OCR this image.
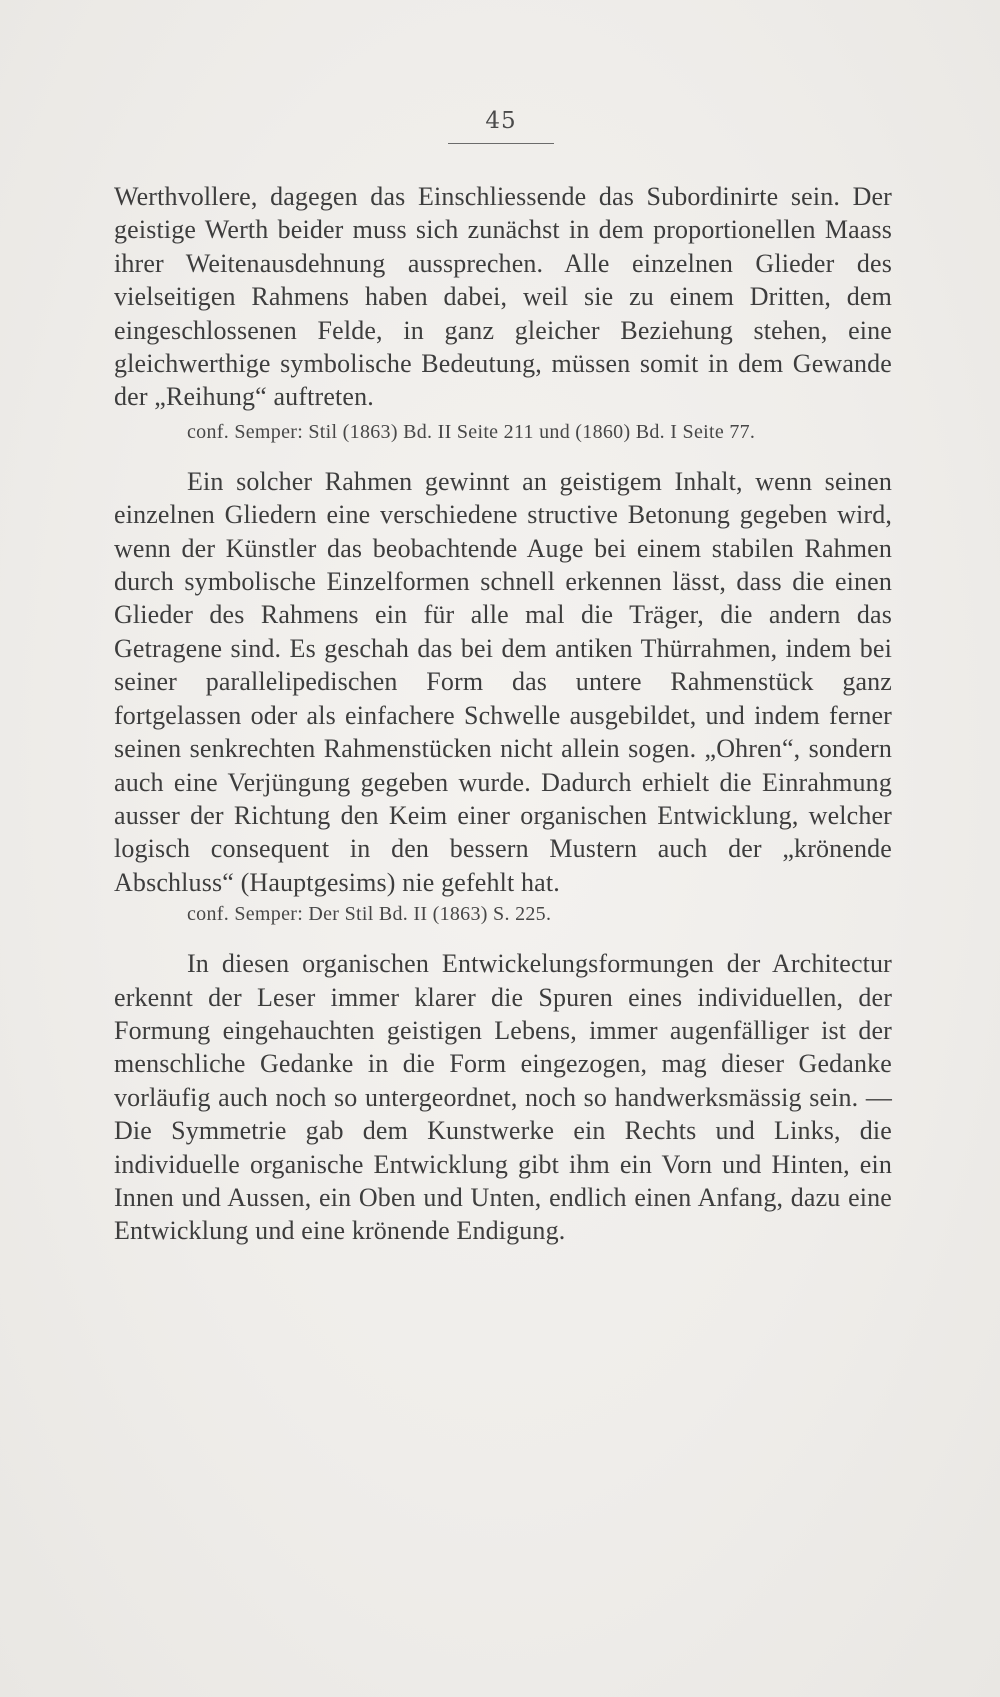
45

Werthvollere, dagegen das Einschliessende das Subordinirte sein. Der geistige Werth beider muss sich zunächst in dem proportionellen Maass ihrer Weitenausdehnung aussprechen. Alle einzelnen Glieder des vielseitigen Rahmens haben dabei, weil sie zu einem Dritten, dem eingeschlossenen Felde, in ganz gleicher Beziehung stehen, eine gleichwerthige symbolische Bedeutung, müssen somit in dem Gewande der „Reihung“ auftreten.

conf. Semper: Stil (1863) Bd. II Seite 211 und (1860) Bd. I Seite 77.

Ein solcher Rahmen gewinnt an geistigem Inhalt, wenn seinen einzelnen Gliedern eine verschiedene structive Betonung gegeben wird, wenn der Künstler das beobachtende Auge bei einem stabilen Rahmen durch symbolische Einzelformen schnell erkennen lässt, dass die einen Glieder des Rahmens ein für alle mal die Träger, die andern das Getragene sind. Es geschah das bei dem antiken Thürrahmen, indem bei seiner parallelipedischen Form das untere Rahmenstück ganz fortgelassen oder als einfachere Schwelle ausgebildet, und indem ferner seinen senkrechten Rahmenstücken nicht allein sogen. „Ohren“, sondern auch eine Verjüngung gegeben wurde. Dadurch erhielt die Einrahmung ausser der Richtung den Keim einer organischen Entwicklung, welcher logisch consequent in den bessern Mustern auch der „krönende Abschluss“ (Hauptgesims) nie gefehlt hat.

conf. Semper: Der Stil Bd. II (1863) S. 225.

In diesen organischen Entwickelungsformungen der Architectur erkennt der Leser immer klarer die Spuren eines individuellen, der Formung eingehauchten geistigen Lebens, immer augenfälliger ist der menschliche Gedanke in die Form eingezogen, mag dieser Gedanke vorläufig auch noch so untergeordnet, noch so handwerksmässig sein. — Die Symmetrie gab dem Kunstwerke ein Rechts und Links, die individuelle organische Entwicklung gibt ihm ein Vorn und Hinten, ein Innen und Aussen, ein Oben und Unten, endlich einen Anfang, dazu eine Entwicklung und eine krönende Endigung.
